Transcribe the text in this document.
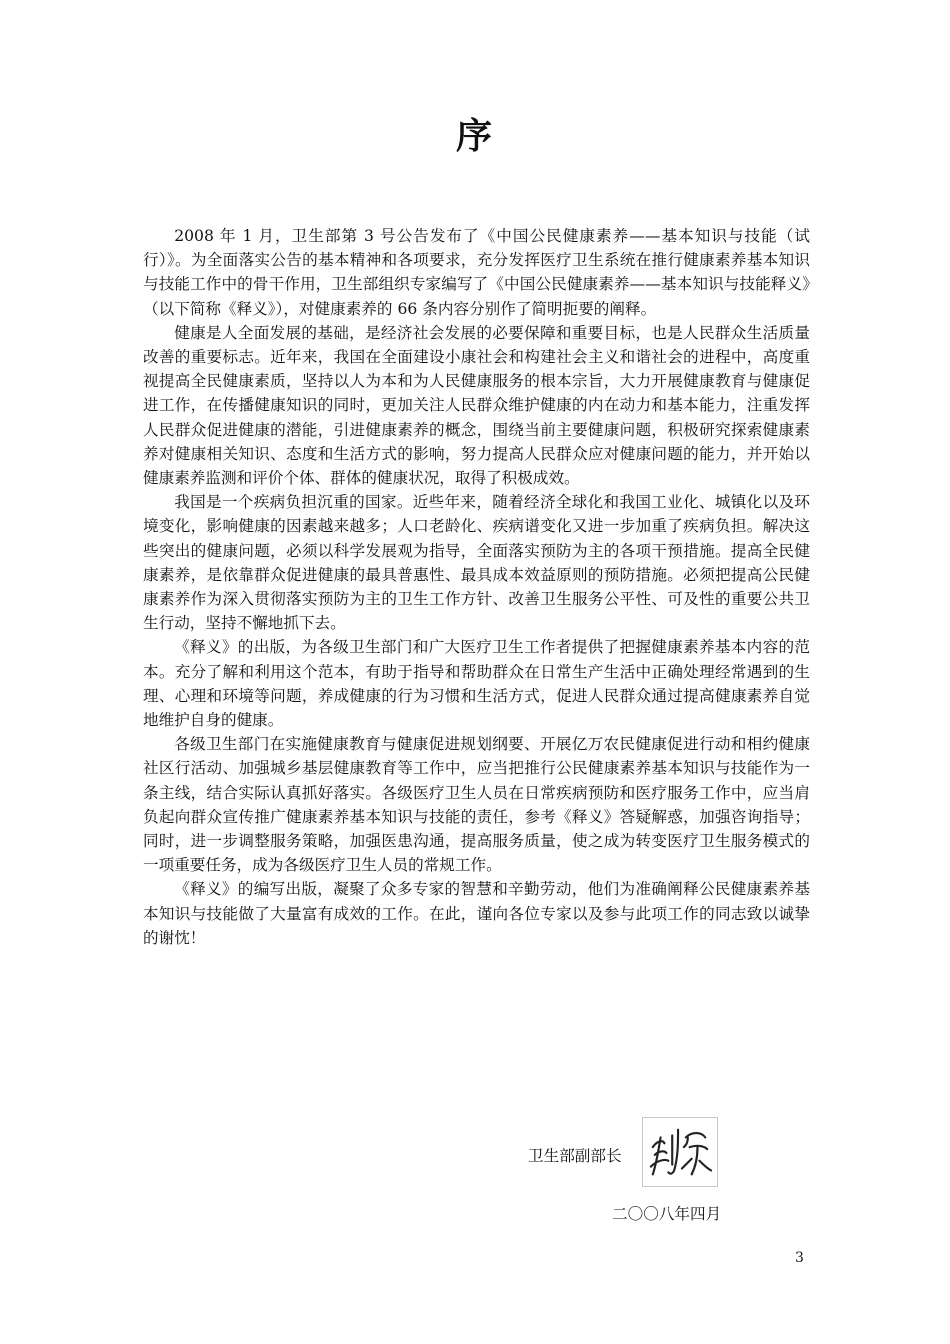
序

2008 年 1 月，卫生部第 3 号公告发布了《中国公民健康素养——基本知识与技能（试行）》。为全面落实公告的基本精神和各项要求，充分发挥医疗卫生系统在推行健康素养基本知识与技能工作中的骨干作用，卫生部组织专家编写了《中国公民健康素养——基本知识与技能释义》（以下简称《释义》），对健康素养的 66 条内容分别作了简明扼要的阐释。

健康是人全面发展的基础，是经济社会发展的必要保障和重要目标，也是人民群众生活质量改善的重要标志。近年来，我国在全面建设小康社会和构建社会主义和谐社会的进程中，高度重视提高全民健康素质，坚持以人为本和为人民健康服务的根本宗旨，大力开展健康教育与健康促进工作，在传播健康知识的同时，更加关注人民群众维护健康的内在动力和基本能力，注重发挥人民群众促进健康的潜能，引进健康素养的概念，围绕当前主要健康问题，积极研究探索健康素养对健康相关知识、态度和生活方式的影响，努力提高人民群众应对健康问题的能力，并开始以健康素养监测和评价个体、群体的健康状况，取得了积极成效。

我国是一个疾病负担沉重的国家。近些年来，随着经济全球化和我国工业化、城镇化以及环境变化，影响健康的因素越来越多；人口老龄化、疾病谱变化又进一步加重了疾病负担。解决这些突出的健康问题，必须以科学发展观为指导，全面落实预防为主的各项干预措施。提高全民健康素养，是依靠群众促进健康的最具普惠性、最具成本效益原则的预防措施。必须把提高公民健康素养作为深入贯彻落实预防为主的卫生工作方针、改善卫生服务公平性、可及性的重要公共卫生行动，坚持不懈地抓下去。

《释义》的出版，为各级卫生部门和广大医疗卫生工作者提供了把握健康素养基本内容的范本。充分了解和利用这个范本，有助于指导和帮助群众在日常生产生活中正确处理经常遇到的生理、心理和环境等问题，养成健康的行为习惯和生活方式，促进人民群众通过提高健康素养自觉地维护自身的健康。

各级卫生部门在实施健康教育与健康促进规划纲要、开展亿万农民健康促进行动和相约健康社区行活动、加强城乡基层健康教育等工作中，应当把推行公民健康素养基本知识与技能作为一条主线，结合实际认真抓好落实。各级医疗卫生人员在日常疾病预防和医疗服务工作中，应当肩负起向群众宣传推广健康素养基本知识与技能的责任，参考《释义》答疑解惑，加强咨询指导；同时，进一步调整服务策略，加强医患沟通，提高服务质量，使之成为转变医疗卫生服务模式的一项重要任务，成为各级医疗卫生人员的常规工作。

《释义》的编写出版，凝聚了众多专家的智慧和辛勤劳动，他们为准确阐释公民健康素养基本知识与技能做了大量富有成效的工作。在此，谨向各位专家以及参与此项工作的同志致以诚挚的谢忱！

卫生部副部长
二〇〇八年四月
3
